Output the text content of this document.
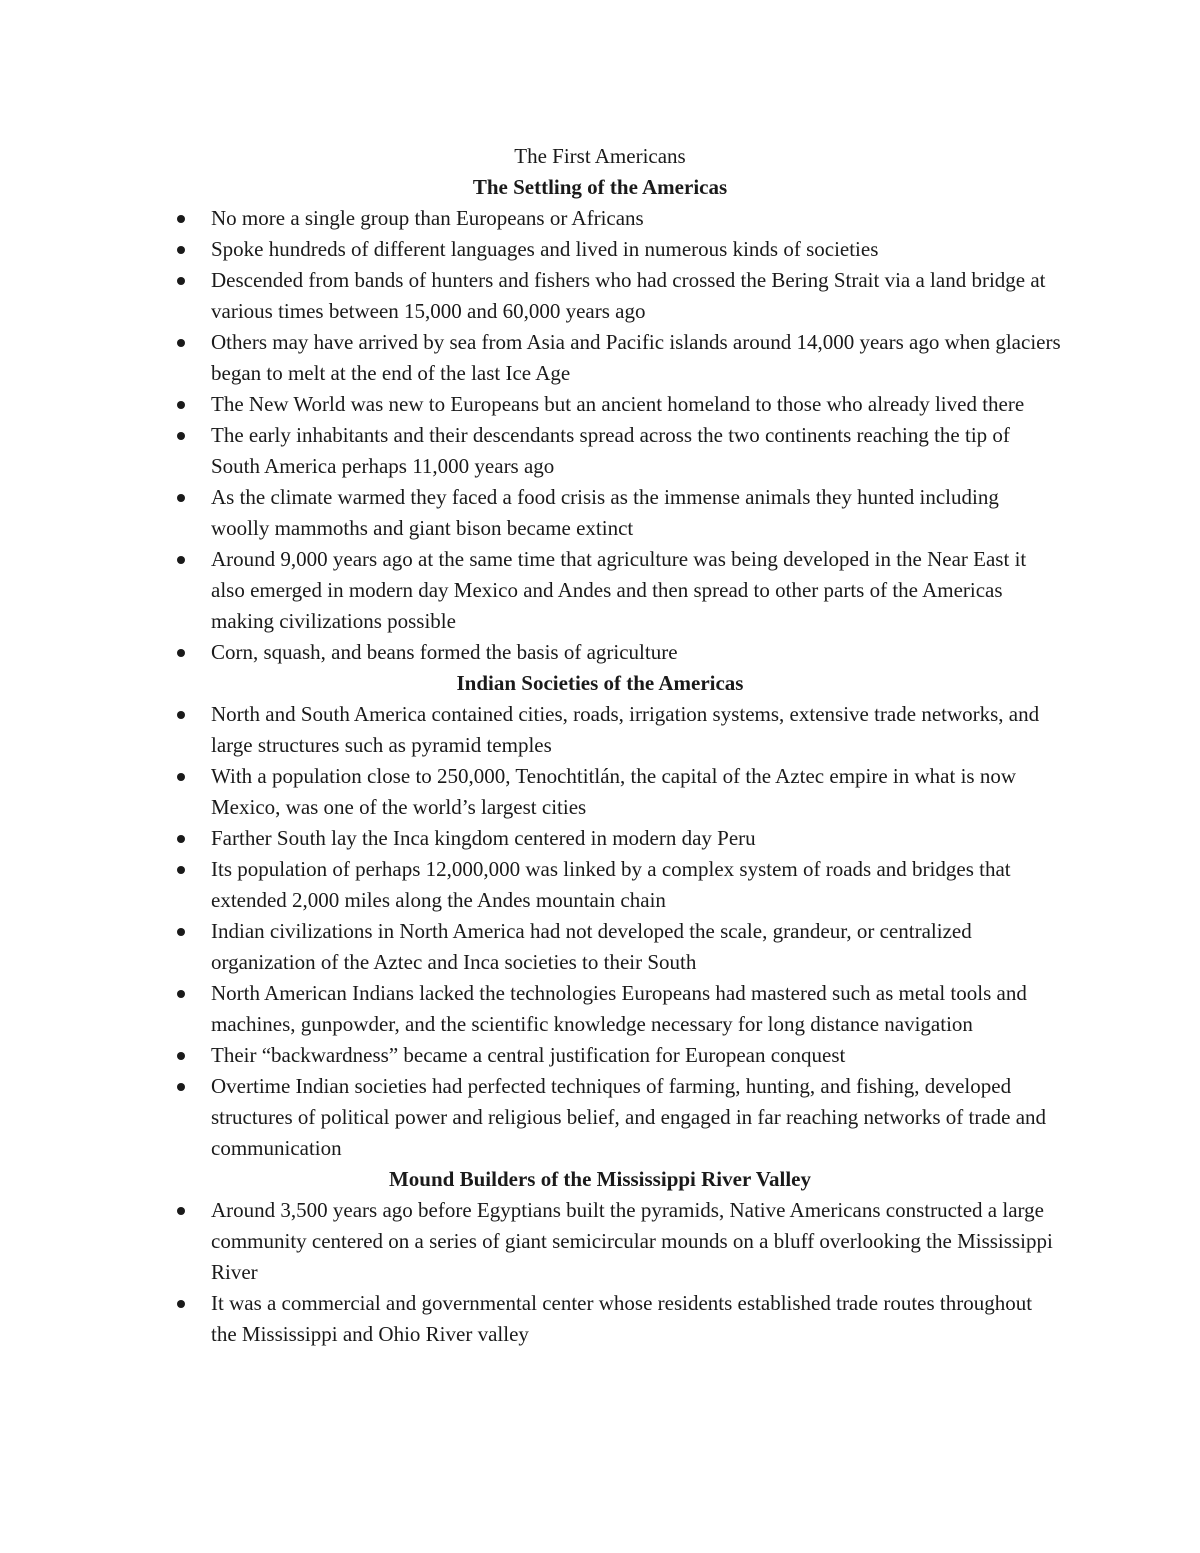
The First Americans
The Settling of the Americas
No more a single group than Europeans or Africans
Spoke hundreds of different languages and lived in numerous kinds of societies
Descended from bands of hunters and fishers who had crossed the Bering Strait via a land bridge at various times between 15,000 and 60,000 years ago
Others may have arrived by sea from Asia and Pacific islands around 14,000 years ago when glaciers began to melt at the end of the last Ice Age
The New World was new to Europeans but an ancient homeland to those who already lived there
The early inhabitants and their descendants spread across the two continents reaching the tip of South America perhaps 11,000 years ago
As the climate warmed they faced a food crisis as the immense animals they hunted including woolly mammoths and giant bison became extinct
Around 9,000 years ago at the same time that agriculture was being developed in the Near East it also emerged in modern day Mexico and Andes and then spread to other parts of the Americas making civilizations possible
Corn, squash, and beans formed the basis of agriculture
Indian Societies of the Americas
North and South America contained cities, roads, irrigation systems, extensive trade networks, and large structures such as pyramid temples
With a population close to 250,000, Tenochtitlán, the capital of the Aztec empire in what is now Mexico, was one of the world’s largest cities
Farther South lay the Inca kingdom centered in modern day Peru
Its population of perhaps 12,000,000 was linked by a complex system of roads and bridges that extended 2,000 miles along the Andes mountain chain
Indian civilizations in North America had not developed the scale, grandeur, or centralized organization of the Aztec and Inca societies to their South
North American Indians lacked the technologies Europeans had mastered such as metal tools and machines, gunpowder, and the scientific knowledge necessary for long distance navigation
Their “backwardness” became a central justification for European conquest
Overtime Indian societies had perfected techniques of farming, hunting, and fishing, developed structures of political power and religious belief, and engaged in far reaching networks of trade and communication
Mound Builders of the Mississippi River Valley
Around 3,500 years ago before Egyptians built the pyramids, Native Americans constructed a large community centered on a series of giant semicircular mounds on a bluff overlooking the Mississippi River
It was a commercial and governmental center whose residents established trade routes throughout the Mississippi and Ohio River valley
